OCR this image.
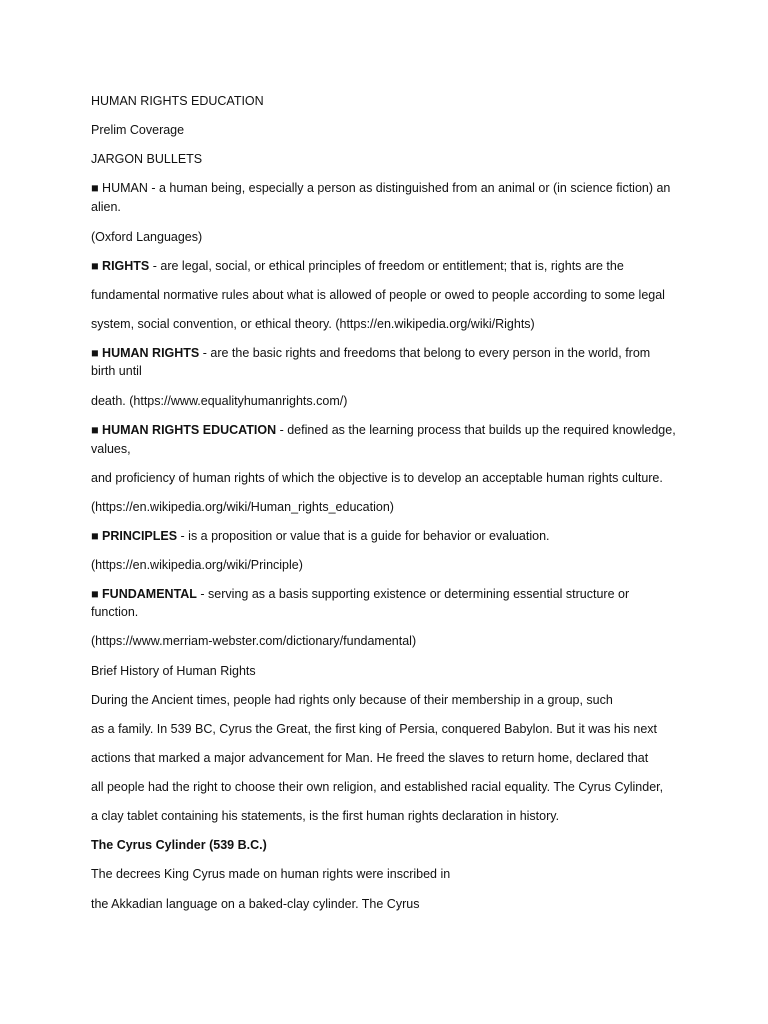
HUMAN RIGHTS EDUCATION
Prelim Coverage
JARGON BULLETS
■ HUMAN - a human being, especially a person as distinguished from an animal or (in science fiction) an
alien.
(Oxford Languages)
■ RIGHTS - are legal, social, or ethical principles of freedom or entitlement; that is, rights are the
fundamental normative rules about what is allowed of people or owed to people according to some legal
system, social convention, or ethical theory. (https://en.wikipedia.org/wiki/Rights)
■ HUMAN RIGHTS - are the basic rights and freedoms that belong to every person in the world, from
birth until
death. (https://www.equalityhumanrights.com/)
■ HUMAN RIGHTS EDUCATION - defined as the learning process that builds up the required knowledge,
values,
and proficiency of human rights of which the objective is to develop an acceptable human rights culture.
(https://en.wikipedia.org/wiki/Human_rights_education)
■ PRINCIPLES - is a proposition or value that is a guide for behavior or evaluation.
(https://en.wikipedia.org/wiki/Principle)
■ FUNDAMENTAL - serving as a basis supporting existence or determining essential structure or
function.
(https://www.merriam-webster.com/dictionary/fundamental)
Brief History of Human Rights
During the Ancient times, people had rights only because of their membership in a group, such
as a family. In 539 BC, Cyrus the Great, the first king of Persia, conquered Babylon. But it was his next
actions that marked a major advancement for Man. He freed the slaves to return home, declared that
all people had the right to choose their own religion, and established racial equality. The Cyrus Cylinder,
a clay tablet containing his statements, is the first human rights declaration in history.
The Cyrus Cylinder (539 B.C.)
The decrees King Cyrus made on human rights were inscribed in
the Akkadian language on a baked-clay cylinder. The Cyrus
